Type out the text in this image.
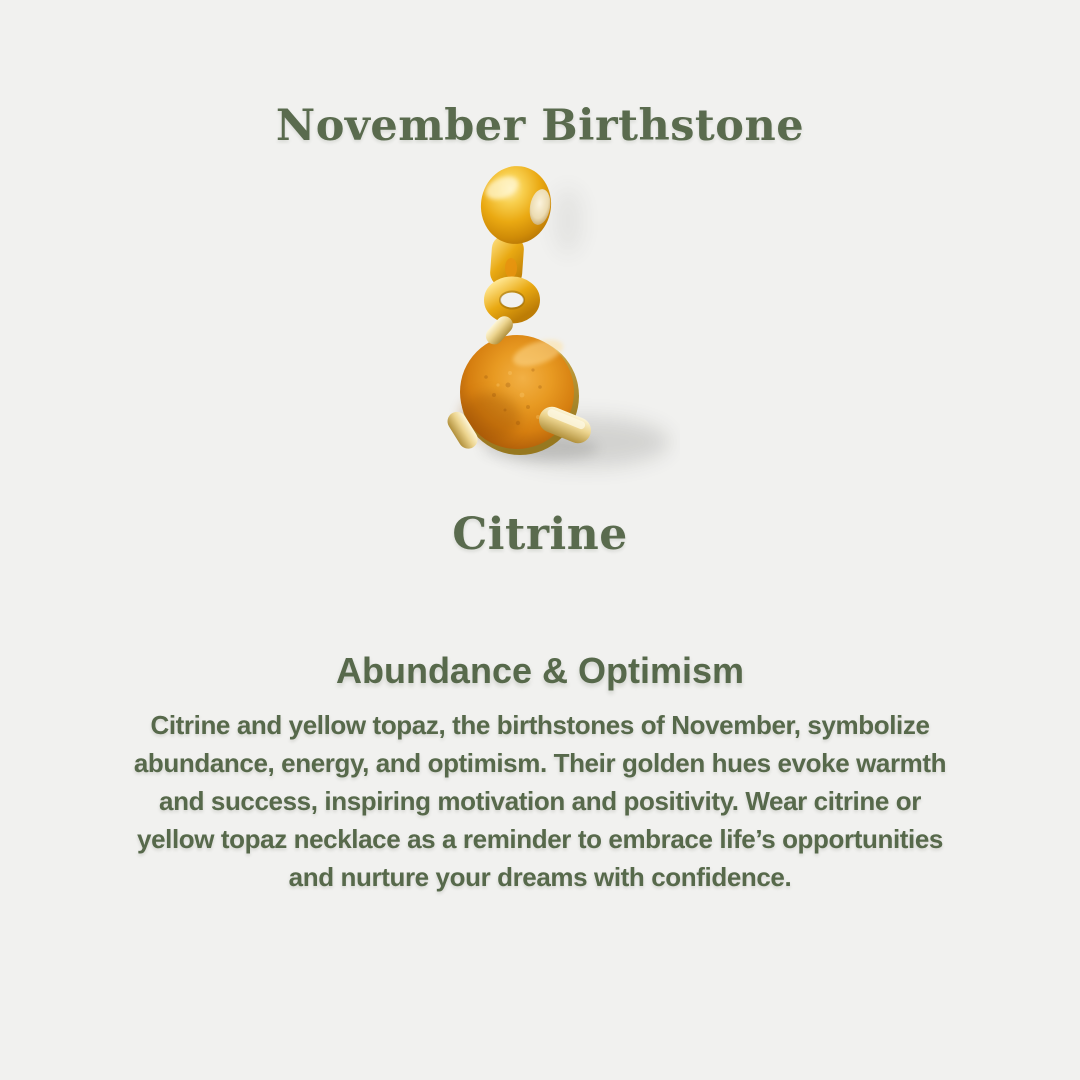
November Birthstone
Citrine
Abundance & Optimism
Citrine and yellow topaz, the birthstones of November, symbolize
abundance, energy, and optimism. Their golden hues evoke warmth
and success, inspiring motivation and positivity. Wear citrine or
yellow topaz necklace as a reminder to embrace life’s opportunities
and nurture your dreams with confidence.
